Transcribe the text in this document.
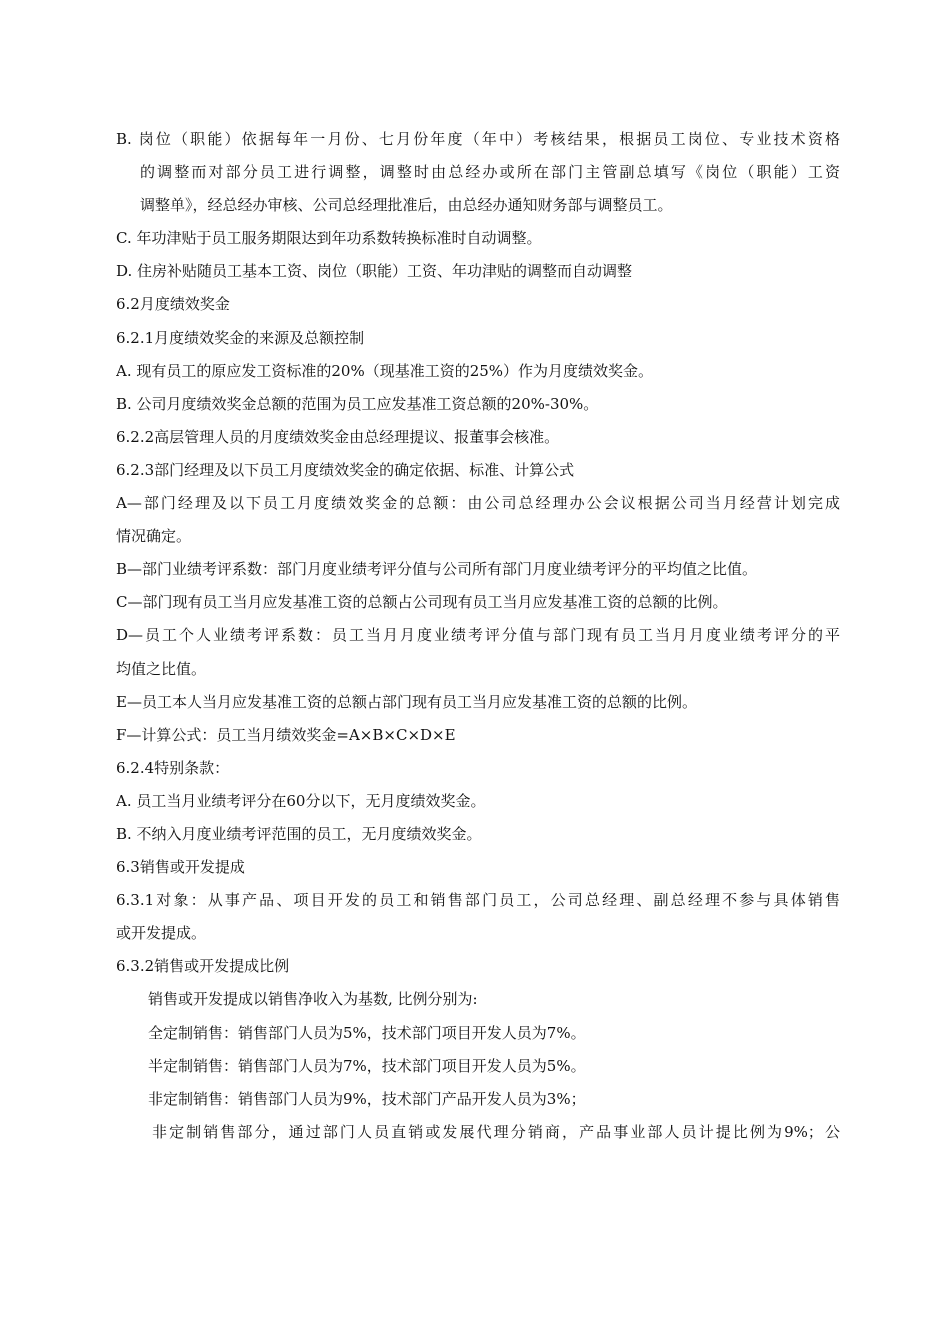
B. 岗位（职能）依据每年一月份、七月份年度（年中）考核结果，根据员工岗位、专业技术资格
的调整而对部分员工进行调整，调整时由总经办或所在部门主管副总填写《岗位（职能）工资
调整单》，经总经办审核、公司总经理批准后，由总经办通知财务部与调整员工。
C. 年功津贴于员工服务期限达到年功系数转换标准时自动调整。
D. 住房补贴随员工基本工资、岗位（职能）工资、年功津贴的调整而自动调整
6.2月度绩效奖金
6.2.1月度绩效奖金的来源及总额控制
A. 现有员工的原应发工资标准的20%（现基准工资的25%）作为月度绩效奖金。
B. 公司月度绩效奖金总额的范围为员工应发基准工资总额的20%-30%。
6.2.2高层管理人员的月度绩效奖金由总经理提议、报董事会核准。
6.2.3部门经理及以下员工月度绩效奖金的确定依据、标准、计算公式
A—部门经理及以下员工月度绩效奖金的总额：由公司总经理办公会议根据公司当月经营计划完成
情况确定。
B—部门业绩考评系数：部门月度业绩考评分值与公司所有部门月度业绩考评分的平均值之比值。
C—部门现有员工当月应发基准工资的总额占公司现有员工当月应发基准工资的总额的比例。
D—员工个人业绩考评系数：员工当月月度业绩考评分值与部门现有员工当月月度业绩考评分的平
均值之比值。
E—员工本人当月应发基准工资的总额占部门现有员工当月应发基准工资的总额的比例。
F—计算公式：员工当月绩效奖金=A×B×C×D×E
6.2.4特别条款：
A. 员工当月业绩考评分在60分以下，无月度绩效奖金。
B. 不纳入月度业绩考评范围的员工，无月度绩效奖金。
6.3销售或开发提成
6.3.1对象：从事产品、项目开发的员工和销售部门员工，公司总经理、副总经理不参与具体销售
或开发提成。
6.3.2销售或开发提成比例
销售或开发提成以销售净收入为基数, 比例分别为:
全定制销售：销售部门人员为5%，技术部门项目开发人员为7%。
半定制销售：销售部门人员为7%，技术部门项目开发人员为5%。
非定制销售：销售部门人员为9%，技术部门产品开发人员为3%；
非定制销售部分，通过部门人员直销或发展代理分销商，产品事业部人员计提比例为9%；公
